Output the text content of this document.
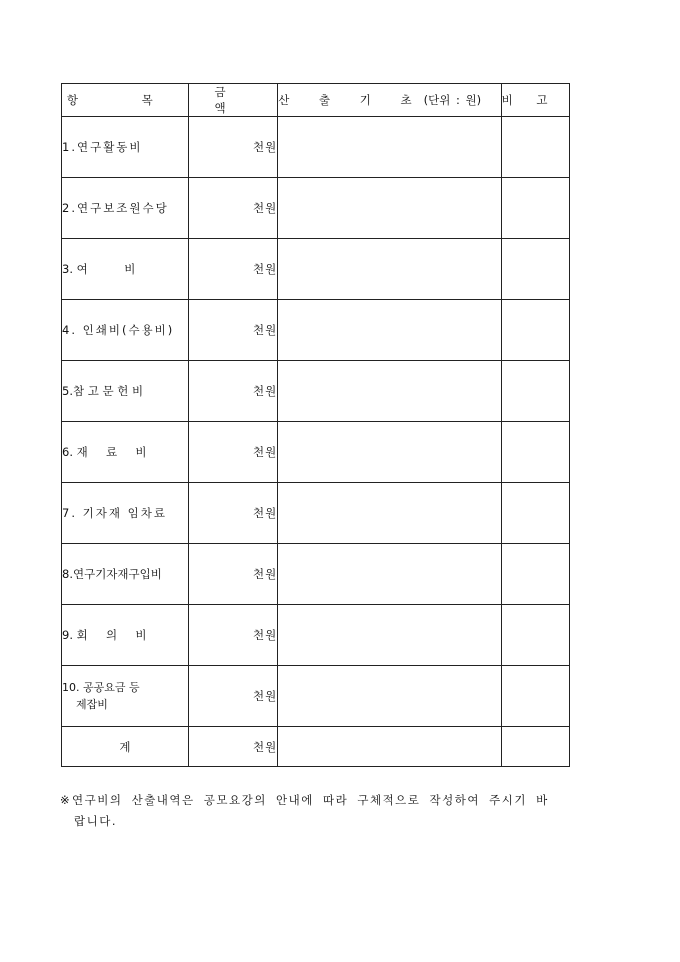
항 목	금 액	산 출 기 초(단위 : 원)	비 고
1.연구활동비	천원		
2.연구보조원수당	천원		
3. 여          비	천원		
4. 인쇄비(수용비)	천원		
5.참 고 문 헌 비	천원		
6. 재     료     비	천원		
7. 기자재 임차료	천원		
8.연구기자재구입비	천원		
9. 회     의     비	천원		
10. 공공요금 등
제잡비	천원		
계	천원		
※연구비의 산출내역은 공모요강의 안내에 따라 구체적으로 작성하여 주시기 바
랍니다.
